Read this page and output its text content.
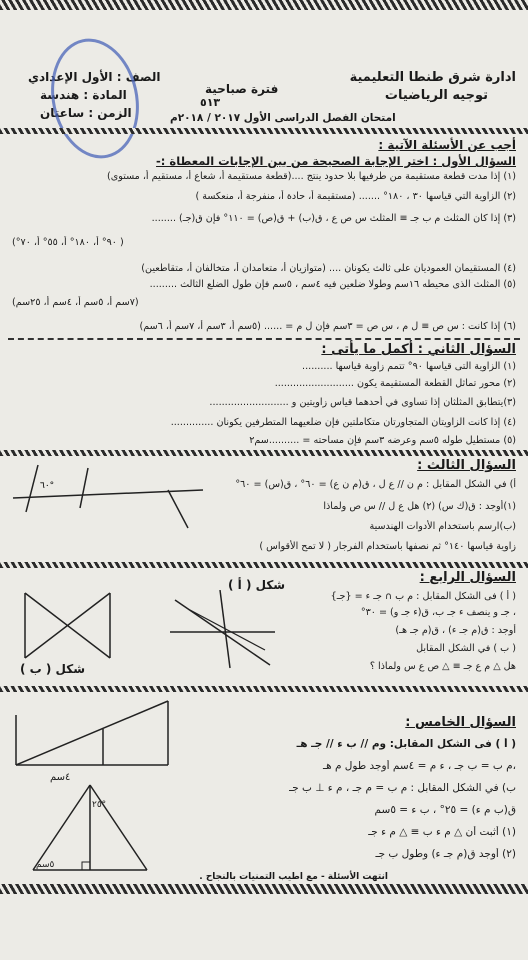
ادارة شرق طنطا التعليمية
توجيه الرياضيات
فترة صباحية
٥١٣
امتحان الفصل الدراسى الأول ٢٠١٧ / ٢٠١٨م
الصف : الأول الإعدادي
المادة : هندسة
الزمن : ساعتان
أجب عن الأسئلة الآتية :
السؤال الأول : اختر الإجابة الصحيحة من بين الإجابات المعطاة :-
(١) إذا مدت قطعة مستقيمة من طرفيها بلا حدود ينتج ....(قطعة مستقيمة أ، شعاع أ، مستقيم أ، مستوى)
(٢) الزاوية التي قياسها ٣٠ ، ١٨٠° ....... (مستقيمة أ، حادة أ، منفرجة أ، منعكسة )
(٣) إذا كان المثلث م ب جـ ≡ المثلث س ص ع ، ق(ب) + ق(ص) = ١١٠° فإن ق(جـ) ........
( ٩٠° أ، ١٨٠° أ، ٥٥° أ، ٧٠°)
(٤) المستقيمان العموديان على ثالث يكونان .... (متوازيان أ، متعامدان أ، متخالفان أ، متقاطعين)
(٥) المثلث الذى محيطه ١٦سم وطولا ضلعين فيه ٤سم ، ٥سم فإن طول الضلع الثالث .........
(٧سم أ، ٥سم أ، ٤سم أ، ٢٥سم)
(٦) إذا كانت : س ص ≡ ل م ، س ص = ٣سم فإن ل م = ...... (٥سم أ، ٣سم أ، ٧سم أ، ٦سم)
السؤال الثاني : أكمل ما يأتى :
(١) الزاوية التى قياسها ٩٠° تتمم زاوية قياسها ..........
(٢) محور تماثل القطعة المستقيمة يكون ..........................
(٣)يتطابق المثلثان إذا تساوى في أحدهما قياس زاويتين و ..........................
(٤) إذا كانت الزاويتان المتجاورتان متكاملتين فإن ضلعيهما المتطرفين يكونان ..............
(٥) مستطيل طوله ٥سم وعرضه ٣سم فإن مساحته = ..........سم٢
السؤال الثالث :
أ) في الشكل المقابل : م ن // ع ل ، ق(م ن ع) = ٦٠° ، ق(س) = ٦٠°
(١)أوجد : ق(ك س) (٢) هل ع ل // س ص ولماذا
(ب)ارسم باستخدام الأدوات الهندسية
زاوية قياسها ١٤٠° ثم نصفها باستخدام الفرجار ( لا تمح الأقواس )
٦٠°
السؤال الرابع :
( أ ) فى الشكل المقابل : م ب ∩ جـ ء = {جـ}
، جـ و ينصف ء جـ ب، ق(ء جـ و) = ٣٠°
أوجد : ق(م جـ ء) ، ق(م جـ هـ)
( ب ) في الشكل المقابل
هل △ م ع جـ ≡ △ ص ع س ولماذا ؟
شكل ( أ )
شكل ( ب )
السؤال الخامس :
( أ ) فى الشكل المقابل: وم // ب ء // جـ هـ
،م ب = ب جـ ، ء م = ٤سم أوجد طول م هـ
ب) في الشكل المقابل : م ب = م جـ ، م ء ⊥ ب جـ
ق(ب م ء) = ٢٥° ، ب ء = ٥سم
(١) أثبت أن △ م ء ب ≡ △ م ء جـ
(٢) أوجد ق(م جـ ء) وطول ب جـ
٤سم
٢٥°
٥سم
انتهت الأسئلة - مع اطيب التمنيات بالنجاح .
